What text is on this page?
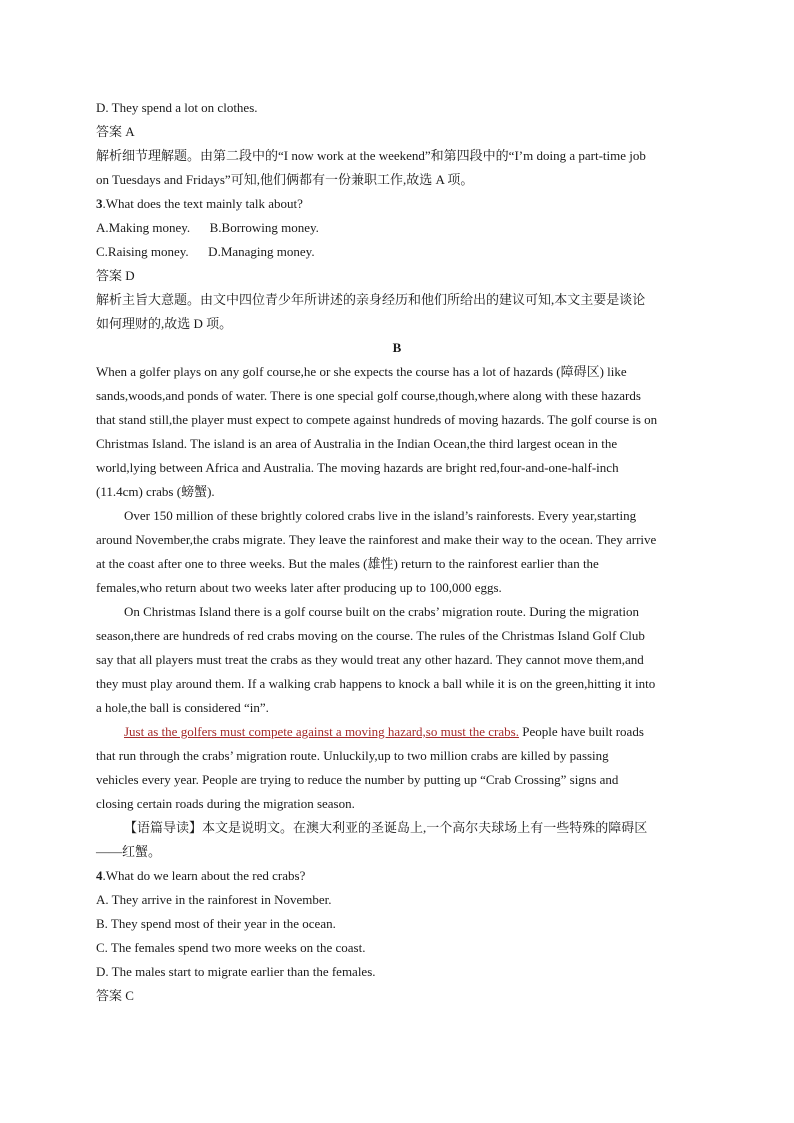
D. They spend a lot on clothes.
答案 A
解析细节理解题。由第二段中的“I now work at the weekend”和第四段中的“I’m doing a part-time job
on Tuesdays and Fridays”可知,他们俩都有一份兼职工作,故选 A 项。
3.What does the text mainly talk about?
A.Making money.      B.Borrowing money.
C.Raising money.      D.Managing money.
答案 D
解析主旨大意题。由文中四位青少年所讲述的亲身经历和他们所给出的建议可知,本文主要是谈论
如何理财的,故选 D 项。
B
When a golfer plays on any golf course,he or she expects the course has a lot of hazards (障碍区) like
sands,woods,and ponds of water. There is one special golf course,though,where along with these hazards
that stand still,the player must expect to compete against hundreds of moving hazards. The golf course is on
Christmas Island. The island is an area of Australia in the Indian Ocean,the third largest ocean in the
world,lying between Africa and Australia. The moving hazards are bright red,four-and-one-half-inch
(11.4cm) crabs (螃蟹).
Over 150 million of these brightly colored crabs live in the island’s rainforests. Every year,starting
around November,the crabs migrate. They leave the rainforest and make their way to the ocean. They arrive
at the coast after one to three weeks. But the males (雄性) return to the rainforest earlier than the
females,who return about two weeks later after producing up to 100,000 eggs.
On Christmas Island there is a golf course built on the crabs’ migration route. During the migration
season,there are hundreds of red crabs moving on the course. The rules of the Christmas Island Golf Club
say that all players must treat the crabs as they would treat any other hazard. They cannot move them,and
they must play around them. If a walking crab happens to knock a ball while it is on the green,hitting it into
a hole,the ball is considered “in”.
Just as the golfers must compete against a moving hazard,so must the crabs. People have built roads
that run through the crabs’ migration route. Unluckily,up to two million crabs are killed by passing
vehicles every year. People are trying to reduce the number by putting up “Crab Crossing” signs and
closing certain roads during the migration season.
【语篇导读】本文是说明文。在澳大利亚的圣诞岛上,一个高尔夫球场上有一些特殊的障碍区
——红蟹。
4.What do we learn about the red crabs?
A. They arrive in the rainforest in November.
B. They spend most of their year in the ocean.
C. The females spend two more weeks on the coast.
D. The males start to migrate earlier than the females.
答案 C
